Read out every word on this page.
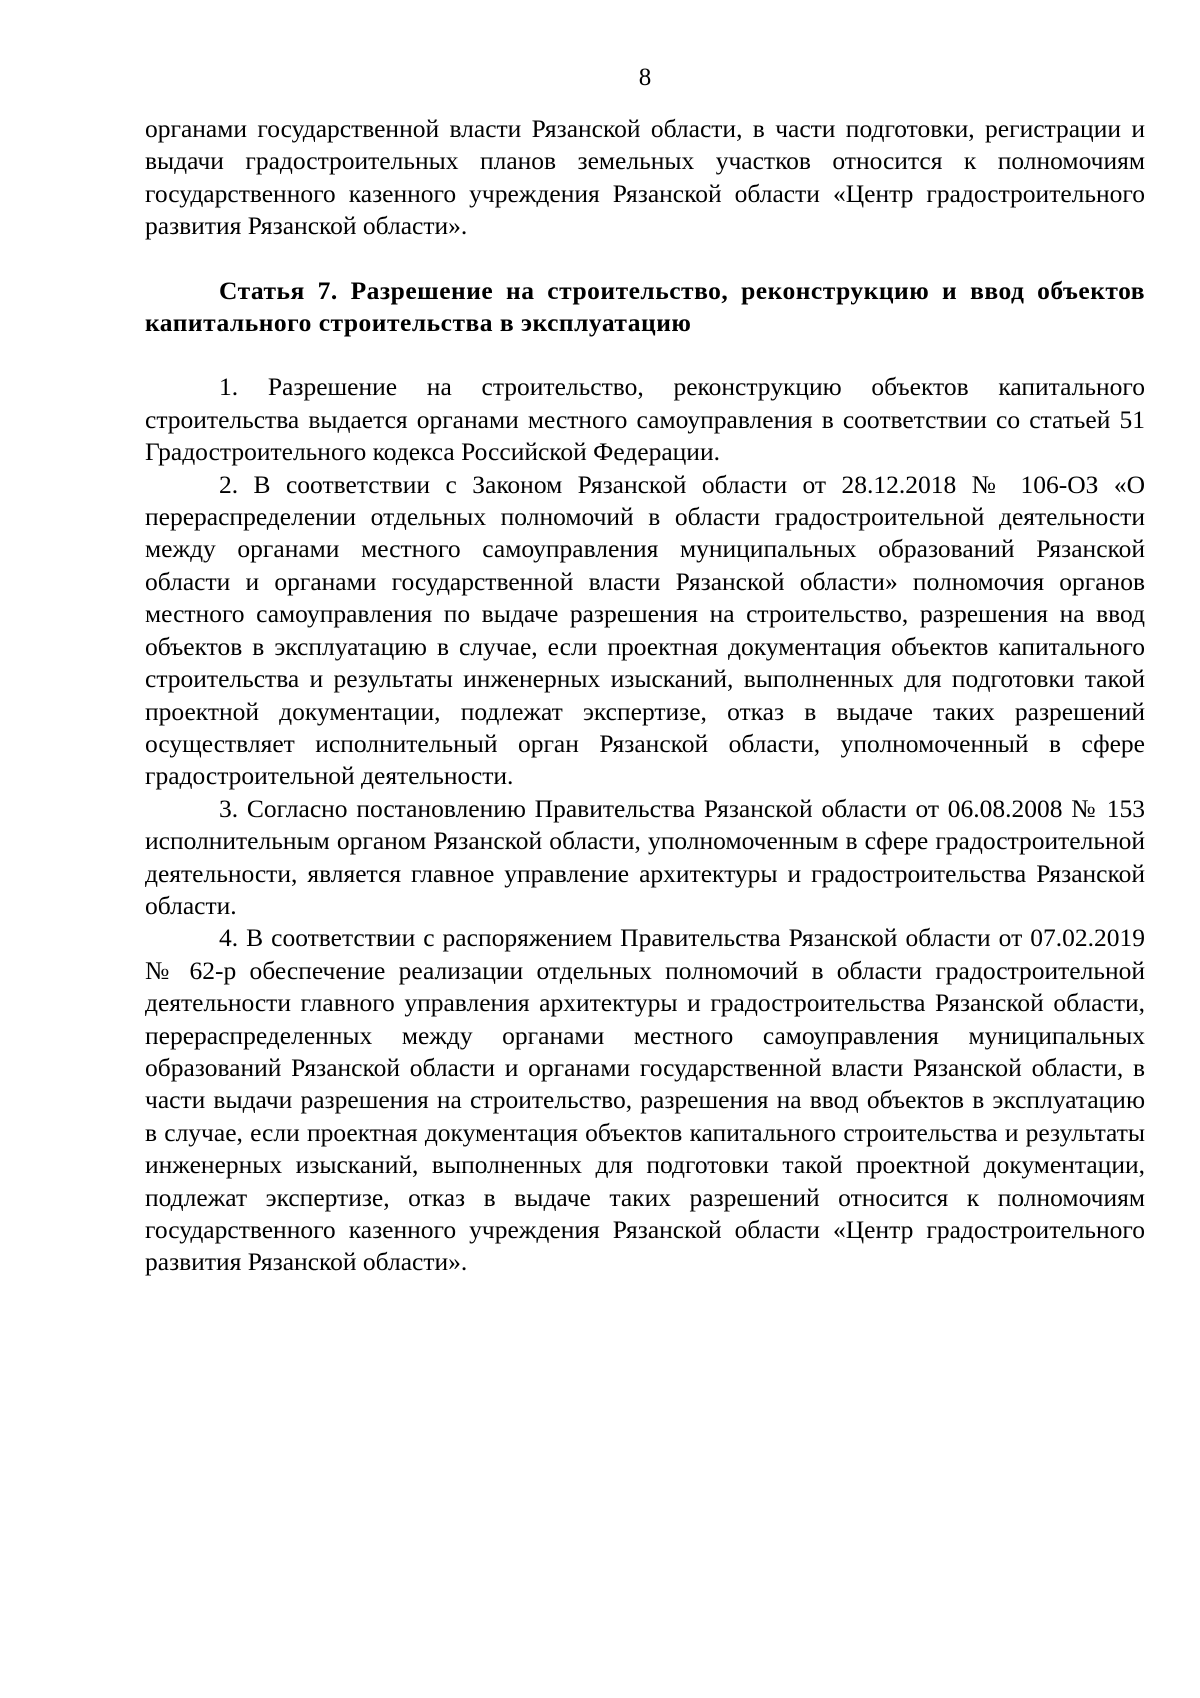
8

органами государственной власти Рязанской области, в части подготовки, регистрации и выдачи градостроительных планов земельных участков относится к полномочиям государственного казенного учреждения Рязанской области «Центр градостроительного развития Рязанской области».

Статья 7. Разрешение на строительство, реконструкцию и ввод объектов капитального строительства в эксплуатацию

1. Разрешение на строительство, реконструкцию объектов капитального строительства выдается органами местного самоуправления в соответствии со статьей 51 Градостроительного кодекса Российской Федерации.

2. В соответствии с Законом Рязанской области от 28.12.2018 № 106-ОЗ «О перераспределении отдельных полномочий в области градостроительной деятельности между органами местного самоуправления муниципальных образований Рязанской области и органами государственной власти Рязанской области» полномочия органов местного самоуправления по выдаче разрешения на строительство, разрешения на ввод объектов в эксплуатацию в случае, если проектная документация объектов капитального строительства и результаты инженерных изысканий, выполненных для подготовки такой проектной документации, подлежат экспертизе, отказ в выдаче таких разрешений осуществляет исполнительный орган Рязанской области, уполномоченный в сфере градостроительной деятельности.

3. Согласно постановлению Правительства Рязанской области от 06.08.2008 № 153 исполнительным органом Рязанской области, уполномоченным в сфере градостроительной деятельности, является главное управление архитектуры и градостроительства Рязанской области.

4. В соответствии с распоряжением Правительства Рязанской области от 07.02.2019 № 62-р обеспечение реализации отдельных полномочий в области градостроительной деятельности главного управления архитектуры и градостроительства Рязанской области, перераспределенных между органами местного самоуправления муниципальных образований Рязанской области и органами государственной власти Рязанской области, в части выдачи разрешения на строительство, разрешения на ввод объектов в эксплуатацию в случае, если проектная документация объектов капитального строительства и результаты инженерных изысканий, выполненных для подготовки такой проектной документации, подлежат экспертизе, отказ в выдаче таких разрешений относится к полномочиям государственного казенного учреждения Рязанской области «Центр градостроительного развития Рязанской области».
